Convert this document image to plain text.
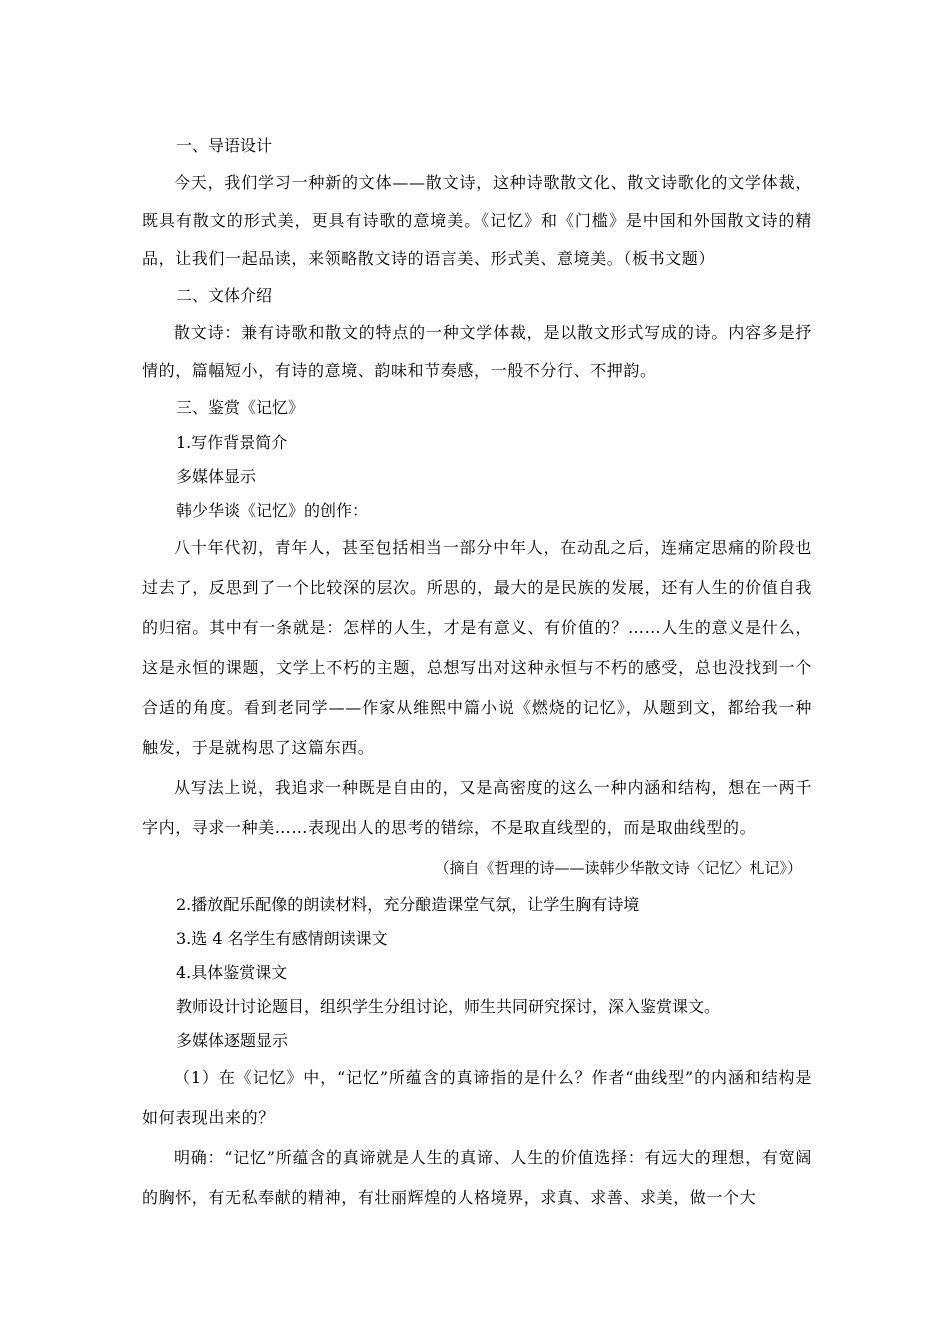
一、导语设计
今天，我们学习一种新的文体——散文诗，这种诗歌散文化、散文诗歌化的文学体裁，既具有散文的形式美，更具有诗歌的意境美。《记忆》和《门槛》是中国和外国散文诗的精品，让我们一起品读，来领略散文诗的语言美、形式美、意境美。（板书文题）
二、文体介绍
散文诗：兼有诗歌和散文的特点的一种文学体裁，是以散文形式写成的诗。内容多是抒情的，篇幅短小，有诗的意境、韵味和节奏感，一般不分行、不押韵。
三、鉴赏《记忆》
1.写作背景简介
多媒体显示
韩少华谈《记忆》的创作：
八十年代初，青年人，甚至包括相当一部分中年人，在动乱之后，连痛定思痛的阶段也过去了，反思到了一个比较深的层次。所思的，最大的是民族的发展，还有人生的价值自我的归宿。其中有一条就是：怎样的人生，才是有意义、有价值的？……人生的意义是什么，这是永恒的课题，文学上不朽的主题，总想写出对这种永恒与不朽的感受，总也没找到一个合适的角度。看到老同学——作家从维熙中篇小说《燃烧的记忆》，从题到文，都给我一种触发，于是就构思了这篇东西。
从写法上说，我追求一种既是自由的，又是高密度的这么一种内涵和结构，想在一两千字内，寻求一种美……表现出人的思考的错综，不是取直线型的，而是取曲线型的。
（摘自《哲理的诗——读韩少华散文诗〈记忆〉札记》）
2.播放配乐配像的朗读材料，充分酿造课堂气氛，让学生胸有诗境
3.选 4 名学生有感情朗读课文
4.具体鉴赏课文
教师设计讨论题目，组织学生分组讨论，师生共同研究探讨，深入鉴赏课文。
多媒体逐题显示
（1）在《记忆》中，“记忆”所蕴含的真谛指的是什么？作者“曲线型”的内涵和结构是如何表现出来的？
明确：“记忆”所蕴含的真谛就是人生的真谛、人生的价值选择：有远大的理想，有宽阔的胸怀，有无私奉献的精神，有壮丽辉煌的人格境界，求真、求善、求美，做一个大
